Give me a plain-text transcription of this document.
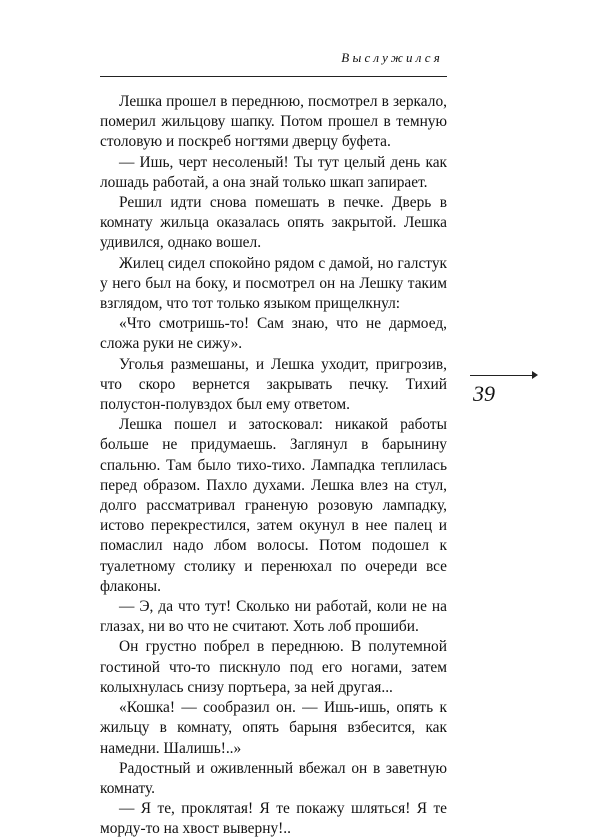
Выслужился

Лешка прошел в переднюю, посмотрел в зеркало, померил жильцову шапку. Потом прошел в темную столовую и поскреб ногтями дверцу буфета.

— Ишь, черт несоленый! Ты тут целый день как лошадь работай, а она знай только шкап запирает.

Решил идти снова помешать в печке. Дверь в комнату жильца оказалась опять закрытой. Лешка удивился, однако вошел.

Жилец сидел спокойно рядом с дамой, но галстук у него был на боку, и посмотрел он на Лешку таким взглядом, что тот только языком прищелкнул:

«Что смотришь-то! Сам знаю, что не дармоед, сложа руки не сижу».

Уголья размешаны, и Лешка уходит, пригрозив, что скоро вернется закрывать печку. Тихий полустон-полувздох был ему ответом.

Лешка пошел и затосковал: никакой работы больше не придумаешь. Заглянул в барынину спальню. Там было тихо-тихо. Лампадка теплилась перед образом. Пахло духами. Лешка влез на стул, долго рассматривал граненую розовую лампадку, истово перекрестился, затем окунул в нее палец и помаслил надо лбом волосы. Потом подошел к туалетному столику и перенюхал по очереди все флаконы.

— Э, да что тут! Сколько ни работай, коли не на глазах, ни во что не считают. Хоть лоб прошиби.

Он грустно побрел в переднюю. В полутемной гостиной что-то пискнуло под его ногами, затем колыхнулась снизу портьера, за ней другая...

«Кошка! — сообразил он. — Ишь-ишь, опять к жильцу в комнату, опять барыня взбесится, как намедни. Шалишь!..»

Радостный и оживленный вбежал он в заветную комнату.

— Я те, проклятая! Я те покажу шляться! Я те морду-то на хвост выверну!..

39
